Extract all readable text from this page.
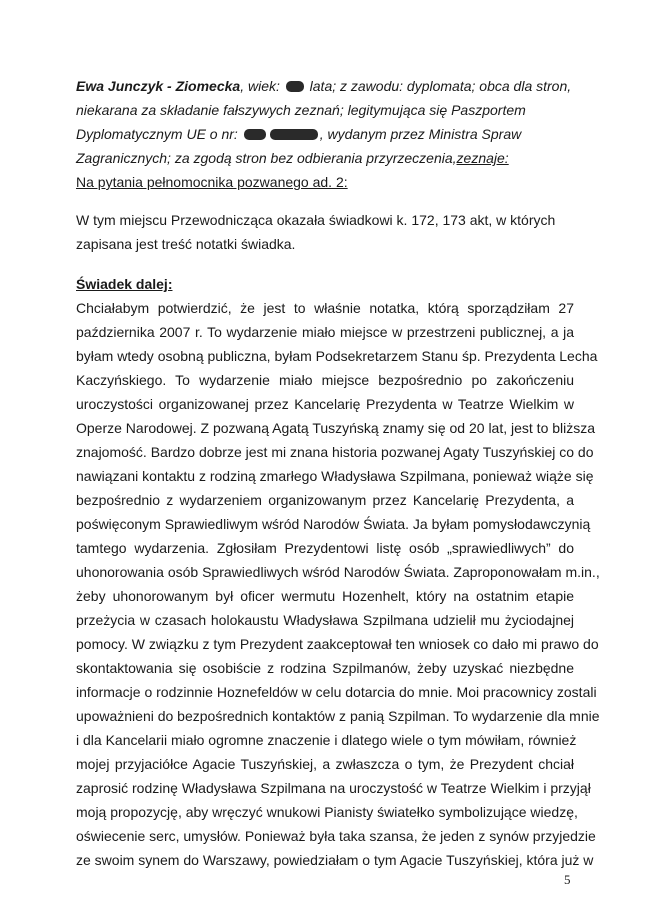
Ewa Junczyk - Ziomecka, wiek:  lata; z zawodu: dyplomata; obca dla stron,
niekarana za składanie fałszywych zeznań; legitymująca się Paszportem
Dyplomatycznym UE o nr:	, wydanym przez Ministra Spraw
Zagranicznych; za zgodą stron bez odbierania przyrzeczenia, zeznaje:
Na pytania pełnomocnika pozwanego ad. 2:
W tym miejscu Przewodnicząca okazała świadkowi k. 172, 173 akt, w których
zapisana jest treść notatki świadka.
Świadek dalej:
Chciałabym potwierdzić, że jest to właśnie notatka, którą sporządziłam 27
października 2007 r. To wydarzenie miało miejsce w przestrzeni publicznej, a ja
byłam wtedy osobną publiczna, byłam Podsekretarzem Stanu śp. Prezydenta Lecha
Kaczyńskiego. To wydarzenie miało miejsce bezpośrednio po zakończeniu
uroczystości organizowanej przez Kancelarię Prezydenta w Teatrze Wielkim w
Operze Narodowej. Z pozwaną Agatą Tuszyńską znamy się od 20 lat, jest to bliższa
znajomość. Bardzo dobrze jest mi znana historia pozwanej Agaty Tuszyńskiej co do
nawiązani kontaktu z rodziną zmarłego Władysława Szpilmana, ponieważ wiąże się
bezpośrednio z wydarzeniem organizowanym przez Kancelarię Prezydenta, a
poświęconym Sprawiedliwym wśród Narodów Świata. Ja byłam pomysłodawczynią
tamtego wydarzenia. Zgłosiłam Prezydentowi listę osób „sprawiedliwych” do
uhonorowania osób Sprawiedliwych wśród Narodów Świata. Zaproponowałam m.in.,
żeby uhonorowanym był oficer wermutu Hozenhelt, który na ostatnim etapie
przeżycia w czasach holokaustu Władysława Szpilmana udzielił mu życiodajnej
pomocy. W związku z tym Prezydent zaakceptował ten wniosek co dało mi prawo do
skontaktowania się osobiście z rodzina Szpilmanów, żeby uzyskać niezbędne
informacje o rodzinnie Hoznefeldów w celu dotarcia do mnie. Moi pracownicy zostali
upoważnieni do bezpośrednich kontaktów z panią Szpilman. To wydarzenie dla mnie
i dla Kancelarii miało ogromne znaczenie i dlatego wiele o tym mówiłam, również
mojej przyjaciółce Agacie Tuszyńskiej, a zwłaszcza o tym, że Prezydent chciał
zaprosić rodzinę Władysława Szpilmana na uroczystość w Teatrze Wielkim i przyjął
moją propozycję, aby wręczyć wnukowi Pianisty światełko symbolizujące wiedzę,
oświecenie serc, umysłów. Ponieważ była taka szansa, że jeden z synów przyjedzie
ze swoim synem do Warszawy, powiedziałam o tym Agacie Tuszyńskiej, która już w
5
